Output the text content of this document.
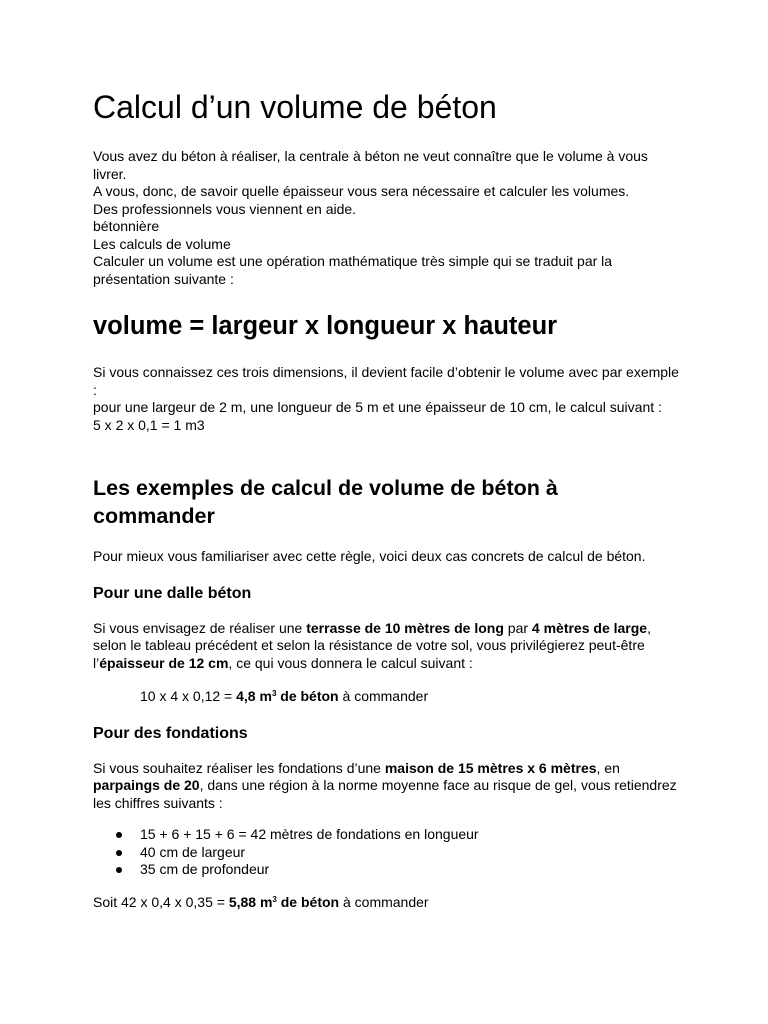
Calcul d’un volume de béton

Vous avez du béton à réaliser, la centrale à béton ne veut connaître que le volume à vous livrer.

A vous, donc, de savoir quelle épaisseur vous sera nécessaire et calculer les volumes.

Des professionnels vous viennent en aide.

bétonnière

Les calculs de volume

Calculer un volume est une opération mathématique très simple qui se traduit par la présentation suivante :

volume = largeur x longueur x hauteur

Si vous connaissez ces trois dimensions, il devient facile d’obtenir le volume avec par exemple :

pour une largeur de 2 m, une longueur de 5 m et une épaisseur de 10 cm, le calcul suivant :

5 x 2 x 0,1 = 1 m3

Les exemples de calcul de volume de béton à commander

Pour mieux vous familiariser avec cette règle, voici deux cas concrets de calcul de béton.

Pour une dalle béton

Si vous envisagez de réaliser une terrasse de 10 mètres de long par 4 mètres de large, selon le tableau précédent et selon la résistance de votre sol, vous privilégierez peut-être l’épaisseur de 12 cm, ce qui vous donnera le calcul suivant :

10 x 4 x 0,12 = 4,8 $m^3$ de béton à commander

Pour des fondations

Si vous souhaitez réaliser les fondations d’une maison de 15 mètres x 6 mètres, en parpaings de 20, dans une région à la norme moyenne face au risque de gel, vous retiendrez les chiffres suivants :

15 + 6 + 15 + 6 = 42 mètres de fondations en longueur
40 cm de largeur
35 cm de profondeur

Soit 42 x 0,4 x 0,35 = 5,88 $m^3$ de béton à commander
